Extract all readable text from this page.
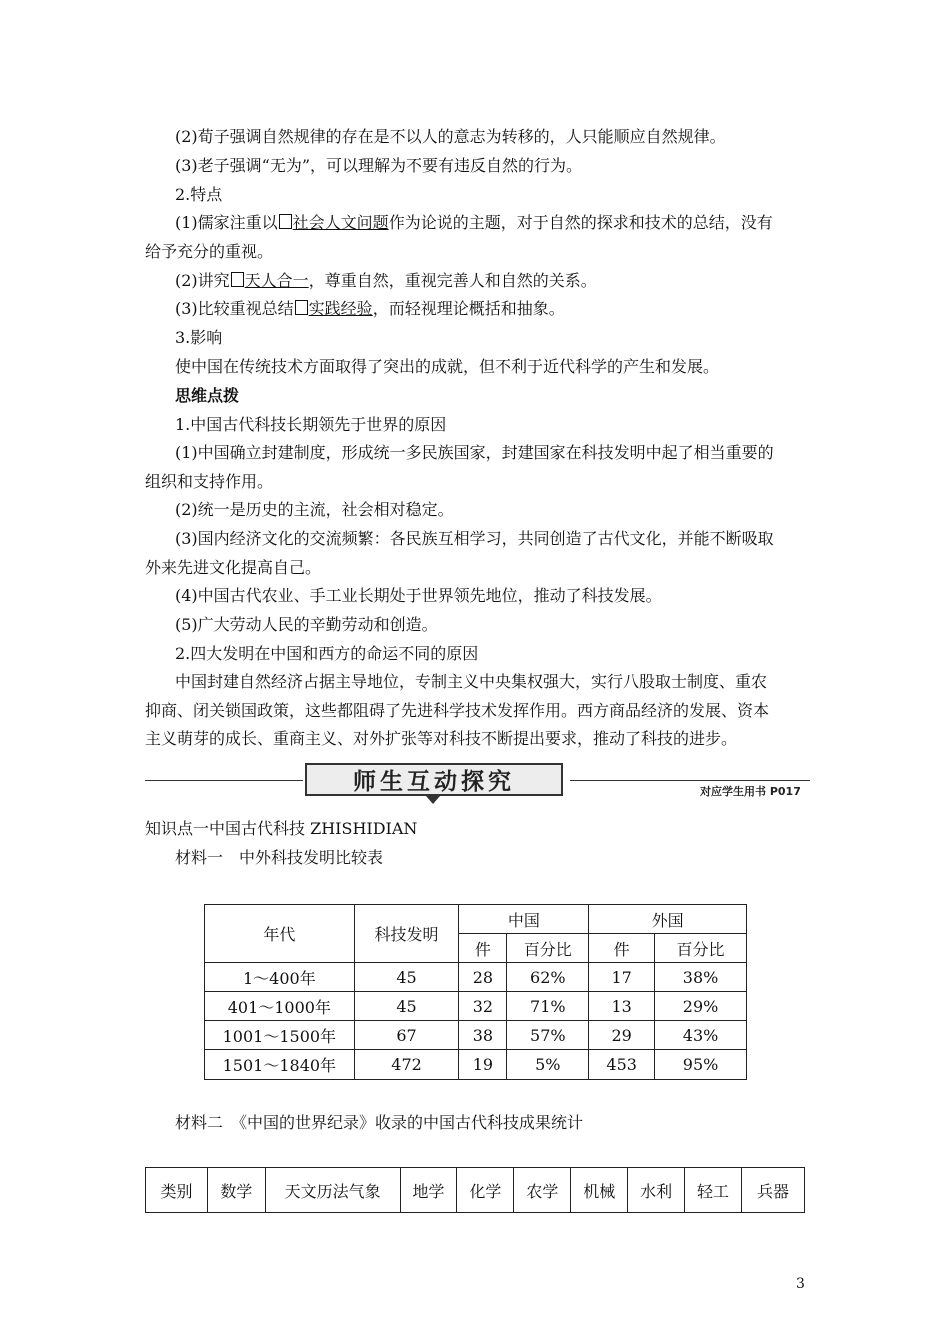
(2)荀子强调自然规律的存在是不以人的意志为转移的，人只能顺应自然规律。
(3)老子强调“无为”，可以理解为不要有违反自然的行为。
2.特点
(1)儒家注重以 社会人文问题作为论说的主题，对于自然的探求和技术的总结，没有
给予充分的重视。
(2)讲究 天人合一，尊重自然，重视完善人和自然的关系。
(3)比较重视总结 实践经验，而轻视理论概括和抽象。
3.影响
使中国在传统技术方面取得了突出的成就，但不利于近代科学的产生和发展。
思维点拨
1.中国古代科技长期领先于世界的原因
(1)中国确立封建制度，形成统一多民族国家，封建国家在科技发明中起了相当重要的
组织和支持作用。
(2)统一是历史的主流，社会相对稳定。
(3)国内经济文化的交流频繁：各民族互相学习，共同创造了古代文化，并能不断吸取
外来先进文化提高自己。
(4)中国古代农业、手工业长期处于世界领先地位，推动了科技发展。
(5)广大劳动人民的辛勤劳动和创造。
2.四大发明在中国和西方的命运不同的原因
中国封建自然经济占据主导地位，专制主义中央集权强大，实行八股取士制度、重农
抑商、闭关锁国政策，这些都阻碍了先进科学技术发挥作用。西方商品经济的发展、资本
主义萌芽的成长、重商主义、对外扩张等对科技不断提出要求，推动了科技的进步。
师生互动探究	对应学生用书 P017
知识点一中国古代科技 ZHISHIDIAN
材料一　中外科技发明比较表
年代	科技发明	中国		外国	
		件	百分比	件	百分比
1～400年	45	28	62%	17	38%
401～1000年	45	32	71%	13	29%
1001～1500年	67	38	57%	29	43%
1501～1840年	472	19	5%	453	95%
材料二　《中国的世界纪录》收录的中国古代科技成果统计
类别	数学	天文历法气象	地学	化学	农学	机械	水利	轻工	兵器
3
